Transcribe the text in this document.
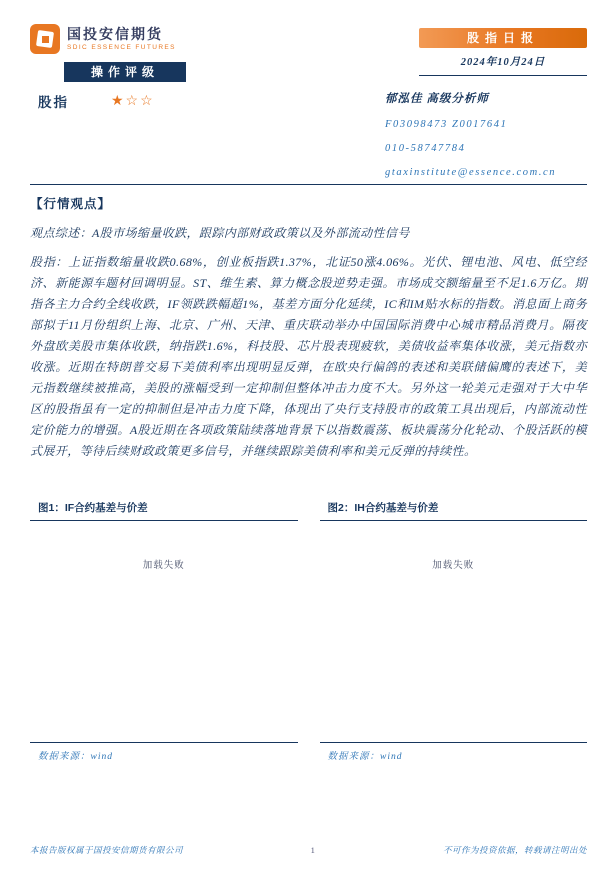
国投安信期货
SDIC ESSENCE FUTURES
股指日报
2024年10月24日
操作评级
股指	★☆☆	郁泓佳 高级分析师
F03098473 Z0017641
010-58747784
gtaxinstitute@essence.com.cn
【行情观点】

观点综述：A股市场缩量收跌，跟踪内部财政政策以及外部流动性信号

股指：上证指数缩量收跌0.68%，创业板指跌1.37%，北证50涨4.06%。光伏、锂电池、风电、低空经济、新能源车题材回调明显。ST、维生素、算力概念股逆势走强。市场成交额缩量至不足1.6万亿。期指各主力合约全线收跌，IF领跌跌幅超1%，基差方面分化延续，IC和IM贴水标的指数。消息面上商务部拟于11月份组织上海、北京、广州、天津、重庆联动举办中国国际消费中心城市精品消费月。隔夜外盘欧美股市集体收跌，纳指跌1.6%，科技股、芯片股表现疲软，美债收益率集体收涨，美元指数亦收涨。近期在特朗普交易下美债利率出现明显反弹，在欧央行偏鸽的表述和美联储偏鹰的表述下，美元指数继续被推高，美股的涨幅受到一定抑制但整体冲击力度不大。另外这一轮美元走强对于大中华区的股指虽有一定的抑制但是冲击力度下降，体现出了央行支持股市的政策工具出现后，内部流动性定价能力的增强。A股近期在各项政策陆续落地背景下以指数震荡、板块震荡分化轮动、个股活跃的模式展开，等待后续财政政策更多信号，并继续跟踪美债利率和美元反弹的持续性。

图1：IF合约基差与价差
加载失败
数据来源：wind
图2：IH合约基差与价差
加载失败
数据来源：wind
本报告版权属于国投安信期货有限公司	1	不可作为投资依据，转载请注明出处
